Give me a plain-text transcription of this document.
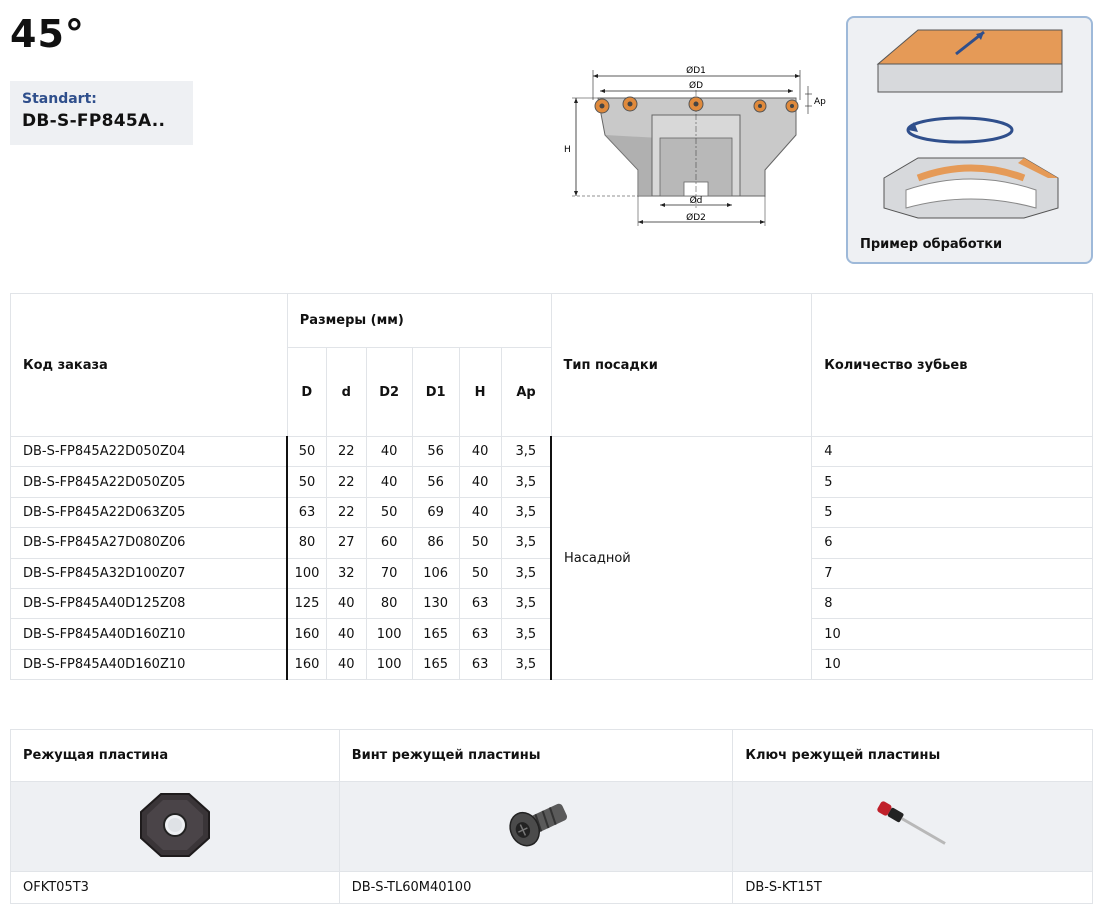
45°
Standart:
DB-S-FP845A..
ØD1
ØD
Ap
H
Ød
ØD2
Пример обработки
Код заказа	Размеры (мм)						Тип посадки	Количество зубьев
	D	d	D2	D1	H	Ap		
DB-S-FP845A22D050Z04	50	22	40	56	40	3,5	Насадной	4
DB-S-FP845A22D050Z05	50	22	40	56	40	3,5		5
DB-S-FP845A22D063Z05	63	22	50	69	40	3,5		5
DB-S-FP845A27D080Z06	80	27	60	86	50	3,5		6
DB-S-FP845A32D100Z07	100	32	70	106	50	3,5		7
DB-S-FP845A40D125Z08	125	40	80	130	63	3,5		8
DB-S-FP845A40D160Z10	160	40	100	165	63	3,5		10
DB-S-FP845A40D160Z10	160	40	100	165	63	3,5		10
Режущая пластина	Винт режущей пластины	Ключ режущей пластины

OFKT05T3	DB-S-TL60M40100	DB-S-KT15T
